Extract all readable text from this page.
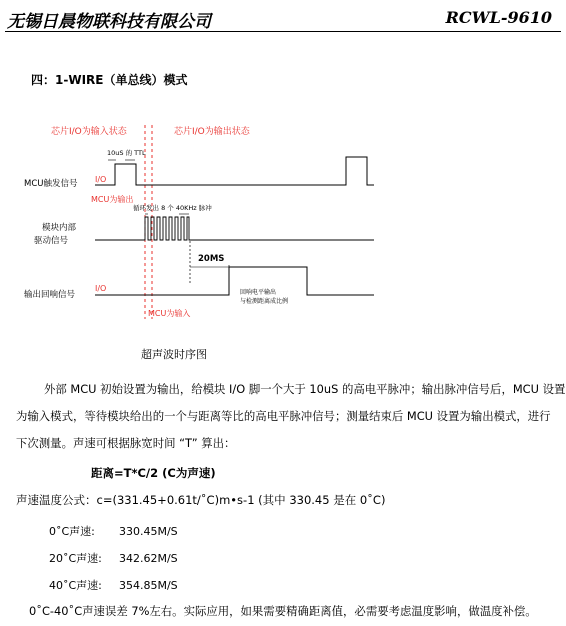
无锡日晨物联科技有限公司	RCWL-9610
四：1-WIRE（单总线）模式
芯片I/O为输入状态	芯片I/O为输出状态
10uS 的 TTL
MCU触发信号 I/O
MCU为输出
循环发出 8 个 40KHz 脉冲
模块内部
驱动信号
20MS
输出回响信号
I/O	回响电平输出
与检测距离成比例
MCU为输入
超声波时序图
外部 MCU 初始设置为输出，给模块 I/O 脚一个大于 10uS 的高电平脉冲；输出脉冲信号后，MCU 设置
为输入模式，等待模块给出的一个与距离等比的高电平脉冲信号；测量结束后 MCU 设置为输出模式，进行
下次测量。声速可根据脉宽时间 “T” 算出：
距离=T*C/2 (C为声速)
声速温度公式：c=(331.45+0.61t/˚C)m•s-1 (其中 330.45 是在 0˚C)
0˚C声速: 330.45M/S
20˚C声速: 342.62M/S
40˚C声速: 354.85M/S
0˚C-40˚C声速误差 7%左右。实际应用，如果需要精确距离值，必需要考虑温度影响，做温度补偿。
